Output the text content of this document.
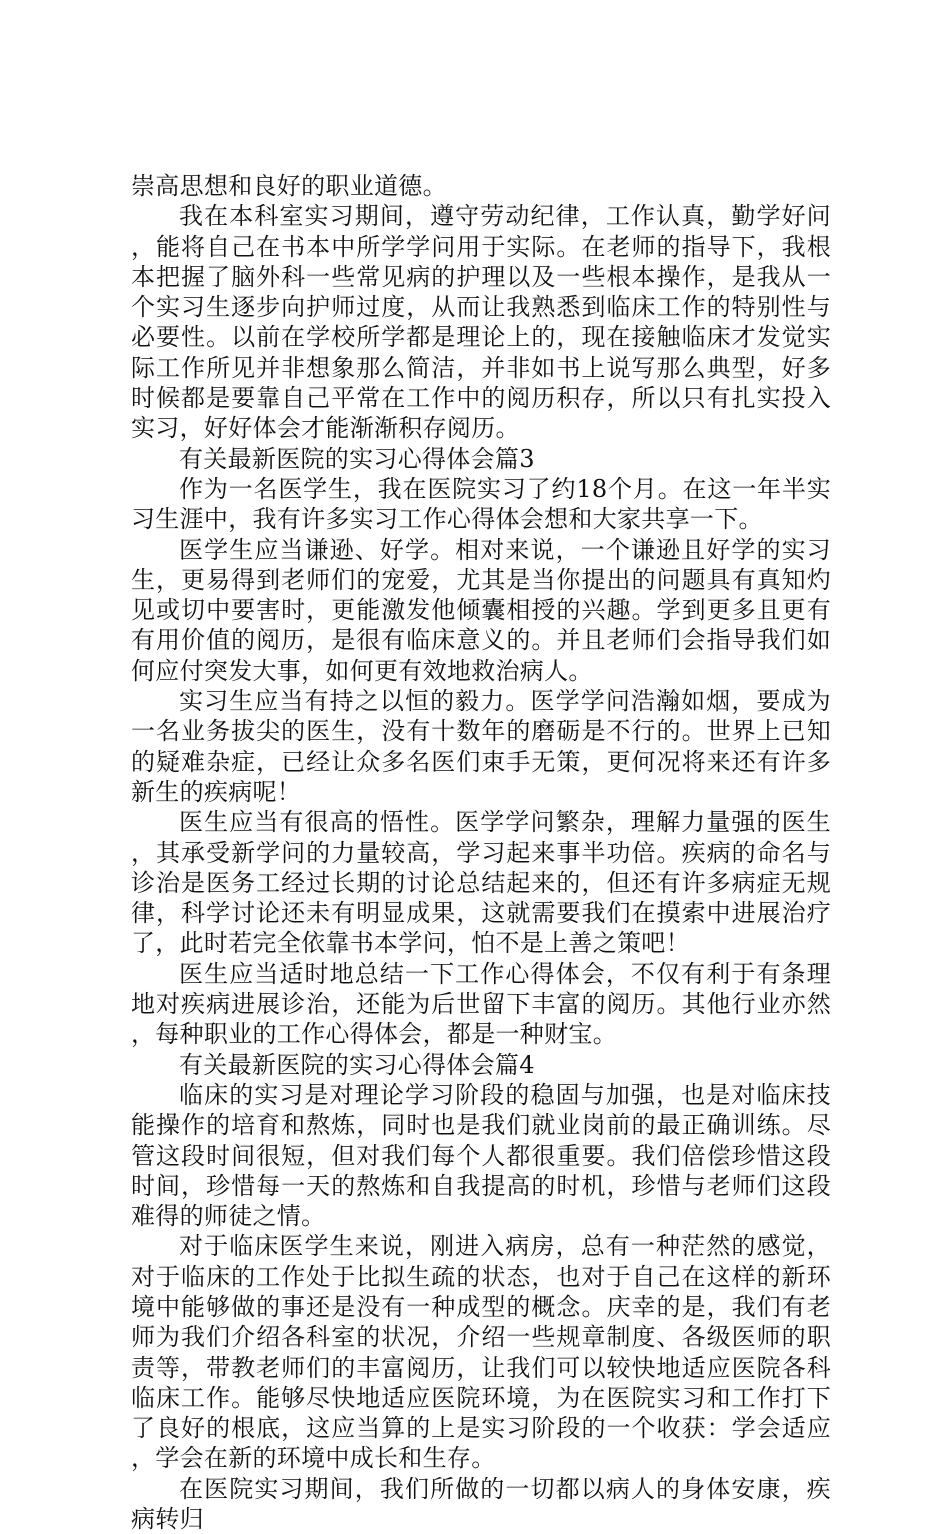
崇高思想和良好的职业道德。

我在本科室实习期间，遵守劳动纪律，工作认真，勤学好问，能将自己在书本中所学学问用于实际。在老师的指导下，我根本把握了脑外科一些常见病的护理以及一些根本操作，是我从一个实习生逐步向护师过度，从而让我熟悉到临床工作的特别性与必要性。以前在学校所学都是理论上的，现在接触临床才发觉实际工作所见并非想象那么简洁，并非如书上说写那么典型，好多时候都是要靠自己平常在工作中的阅历积存，所以只有扎实投入实习，好好体会才能渐渐积存阅历。

有关最新医院的实习心得体会篇3

作为一名医学生，我在医院实习了约18个月。在这一年半实习生涯中，我有许多实习工作心得体会想和大家共享一下。

医学生应当谦逊、好学。相对来说，一个谦逊且好学的实习生，更易得到老师们的宠爱，尤其是当你提出的问题具有真知灼见或切中要害时，更能激发他倾囊相授的兴趣。学到更多且更有有用价值的阅历，是很有临床意义的。并且老师们会指导我们如何应付突发大事，如何更有效地救治病人。

实习生应当有持之以恒的毅力。医学学问浩瀚如烟，要成为一名业务拔尖的医生，没有十数年的磨砺是不行的。世界上已知的疑难杂症，已经让众多名医们束手无策，更何况将来还有许多新生的疾病呢！

医生应当有很高的悟性。医学学问繁杂，理解力量强的医生，其承受新学问的力量较高，学习起来事半功倍。疾病的命名与诊治是医务工经过长期的讨论总结起来的，但还有许多病症无规律，科学讨论还未有明显成果，这就需要我们在摸索中进展治疗了，此时若完全依靠书本学问，怕不是上善之策吧！

医生应当适时地总结一下工作心得体会，不仅有利于有条理地对疾病进展诊治，还能为后世留下丰富的阅历。其他行业亦然，每种职业的工作心得体会，都是一种财宝。

有关最新医院的实习心得体会篇4

临床的实习是对理论学习阶段的稳固与加强，也是对临床技能操作的培育和熬炼，同时也是我们就业岗前的最正确训练。尽管这段时间很短，但对我们每个人都很重要。我们倍偿珍惜这段时间，珍惜每一天的熬炼和自我提高的时机，珍惜与老师们这段难得的师徒之情。

对于临床医学生来说，刚进入病房，总有一种茫然的感觉，对于临床的工作处于比拟生疏的状态，也对于自己在这样的新环境中能够做的事还是没有一种成型的概念。庆幸的是，我们有老师为我们介绍各科室的状况，介绍一些规章制度、各级医师的职责等，带教老师们的丰富阅历，让我们可以较快地适应医院各科临床工作。能够尽快地适应医院环境，为在医院实习和工作打下了良好的根底，这应当算的上是实习阶段的一个收获：学会适应，学会在新的环境中成长和生存。

在医院实习期间，我们所做的一切都以病人的身体安康，疾病转归
